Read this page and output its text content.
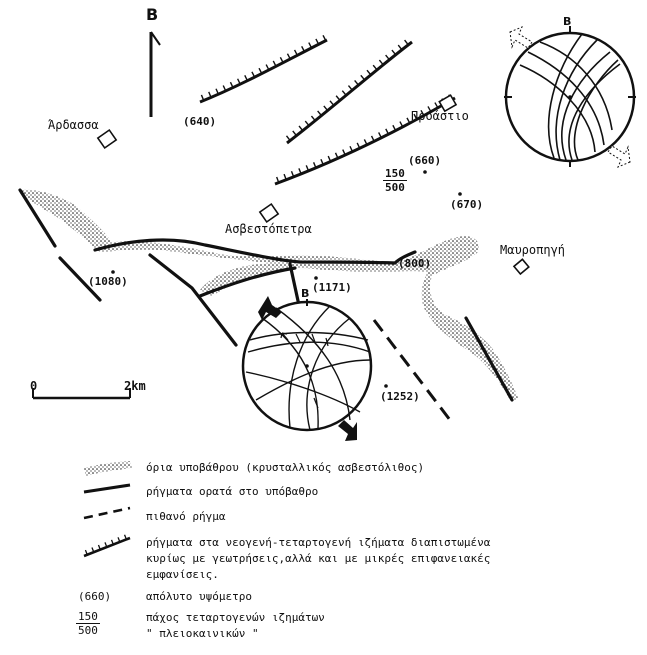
B
Άρδασσα
Προάστιο
Ασβεστόπετρα
Μαυροπηγή
(640)
(660)
(670)
(800)
(1080)	(1171)
(1252)
$\frac{150}{500}$
B
B
0	2km
όρια υποβάθρου (κρυσταλλικός ασβεστόλιθος)
ρήγματα ορατά στο υπόβαθρο
πιθανό ρήγμα
ρήγματα στα νεογενή-τεταρτογενή ιζήματα διαπιστωμένα
κυρίως με γεωτρήσεις,αλλά και με μικρές επιφανειακές
εμφανίσεις.
(660)	απόλυτο υψόμετρο
$\frac{150}{500}$	πάχος τεταρτογενών ιζημάτων
" πλειοκαινικών "
